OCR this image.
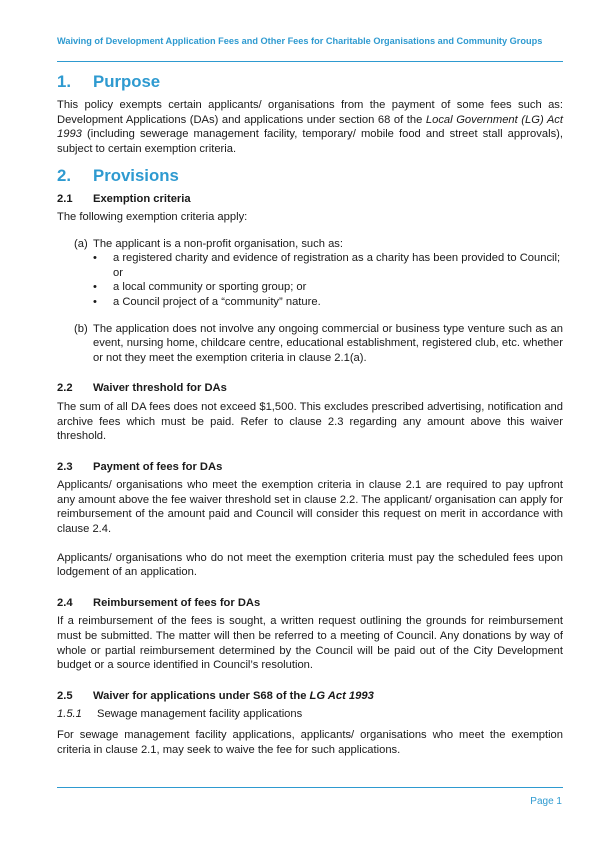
Waiving of Development Application Fees and Other Fees for Charitable Organisations and Community Groups
1.	Purpose

This policy exempts certain applicants/ organisations from the payment of some fees such as: Development Applications (DAs) and applications under section 68 of the Local Government (LG) Act 1993 (including sewerage management facility, temporary/ mobile food and street stall approvals), subject to certain exemption criteria.

2.	Provisions
2.1	Exemption criteria

The following exemption criteria apply:

(a) The applicant is a non-profit organisation, such as:
•	a registered charity and evidence of registration as a charity has been provided to Council; or
•	a local community or sporting group; or
•	a Council project of a “community” nature.
(b) The application does not involve any ongoing commercial or business type venture such as an event, nursing home, childcare centre, educational establishment, registered club, etc. whether or not they meet the exemption criteria in clause 2.1(a).
2.2	Waiver threshold for DAs

The sum of all DA fees does not exceed $1,500. This excludes prescribed advertising, notification and archive fees which must be paid. Refer to clause 2.3 regarding any amount above this waiver threshold.

2.3	Payment of fees for DAs

Applicants/ organisations who meet the exemption criteria in clause 2.1 are required to pay upfront any amount above the fee waiver threshold set in clause 2.2. The applicant/ organisation can apply for reimbursement of the amount paid and Council will consider this request on merit in accordance with clause 2.4.

Applicants/ organisations who do not meet the exemption criteria must pay the scheduled fees upon lodgement of an application.

2.4	Reimbursement of fees for DAs

If a reimbursement of the fees is sought, a written request outlining the grounds for reimbursement must be submitted. The matter will then be referred to a meeting of Council. Any donations by way of whole or partial reimbursement determined by the Council will be paid out of the City Development budget or a source identified in Council’s resolution.

2.5	Waiver for applications under S68 of the LG Act 1993
1.5.1	Sewage management facility applications

For sewage management facility applications, applicants/ organisations who meet the exemption criteria in clause 2.1, may seek to waive the fee for such applications.

Page 1
